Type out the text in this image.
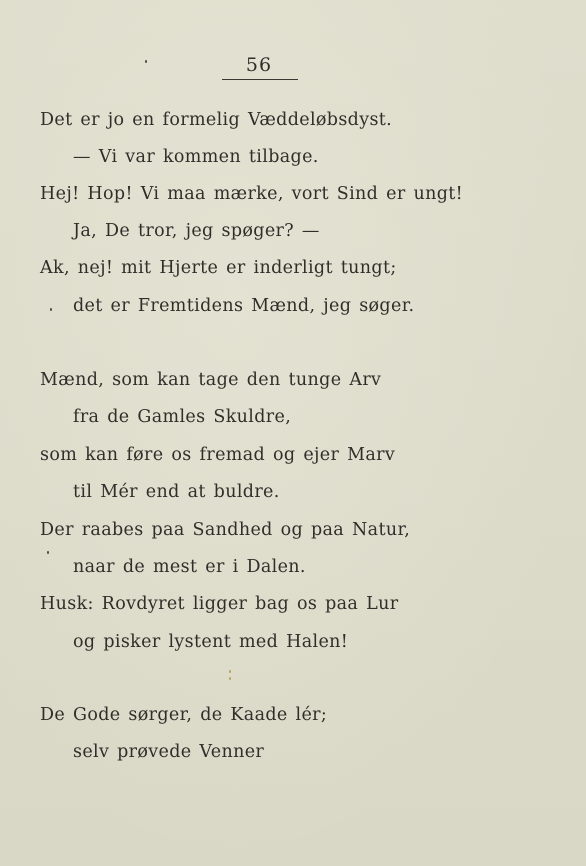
56
Det er jo en formelig Væddeløbsdyst.
— Vi var kommen tilbage.
Hej! Hop! Vi maa mærke, vort Sind er ungt!
Ja, De tror, jeg spøger? —
Ak, nej! mit Hjerte er inderligt tungt;
det er Fremtidens Mænd, jeg søger.
Mænd, som kan tage den tunge Arv
fra de Gamles Skuldre,
som kan føre os fremad og ejer Marv
til Mér end at buldre.
Der raabes paa Sandhed og paa Natur,
naar de mest er i Dalen.
Husk: Rovdyret ligger bag os paa Lur
og pisker lystent med Halen!
De Gode sørger, de Kaade lér;
selv prøvede Venner
